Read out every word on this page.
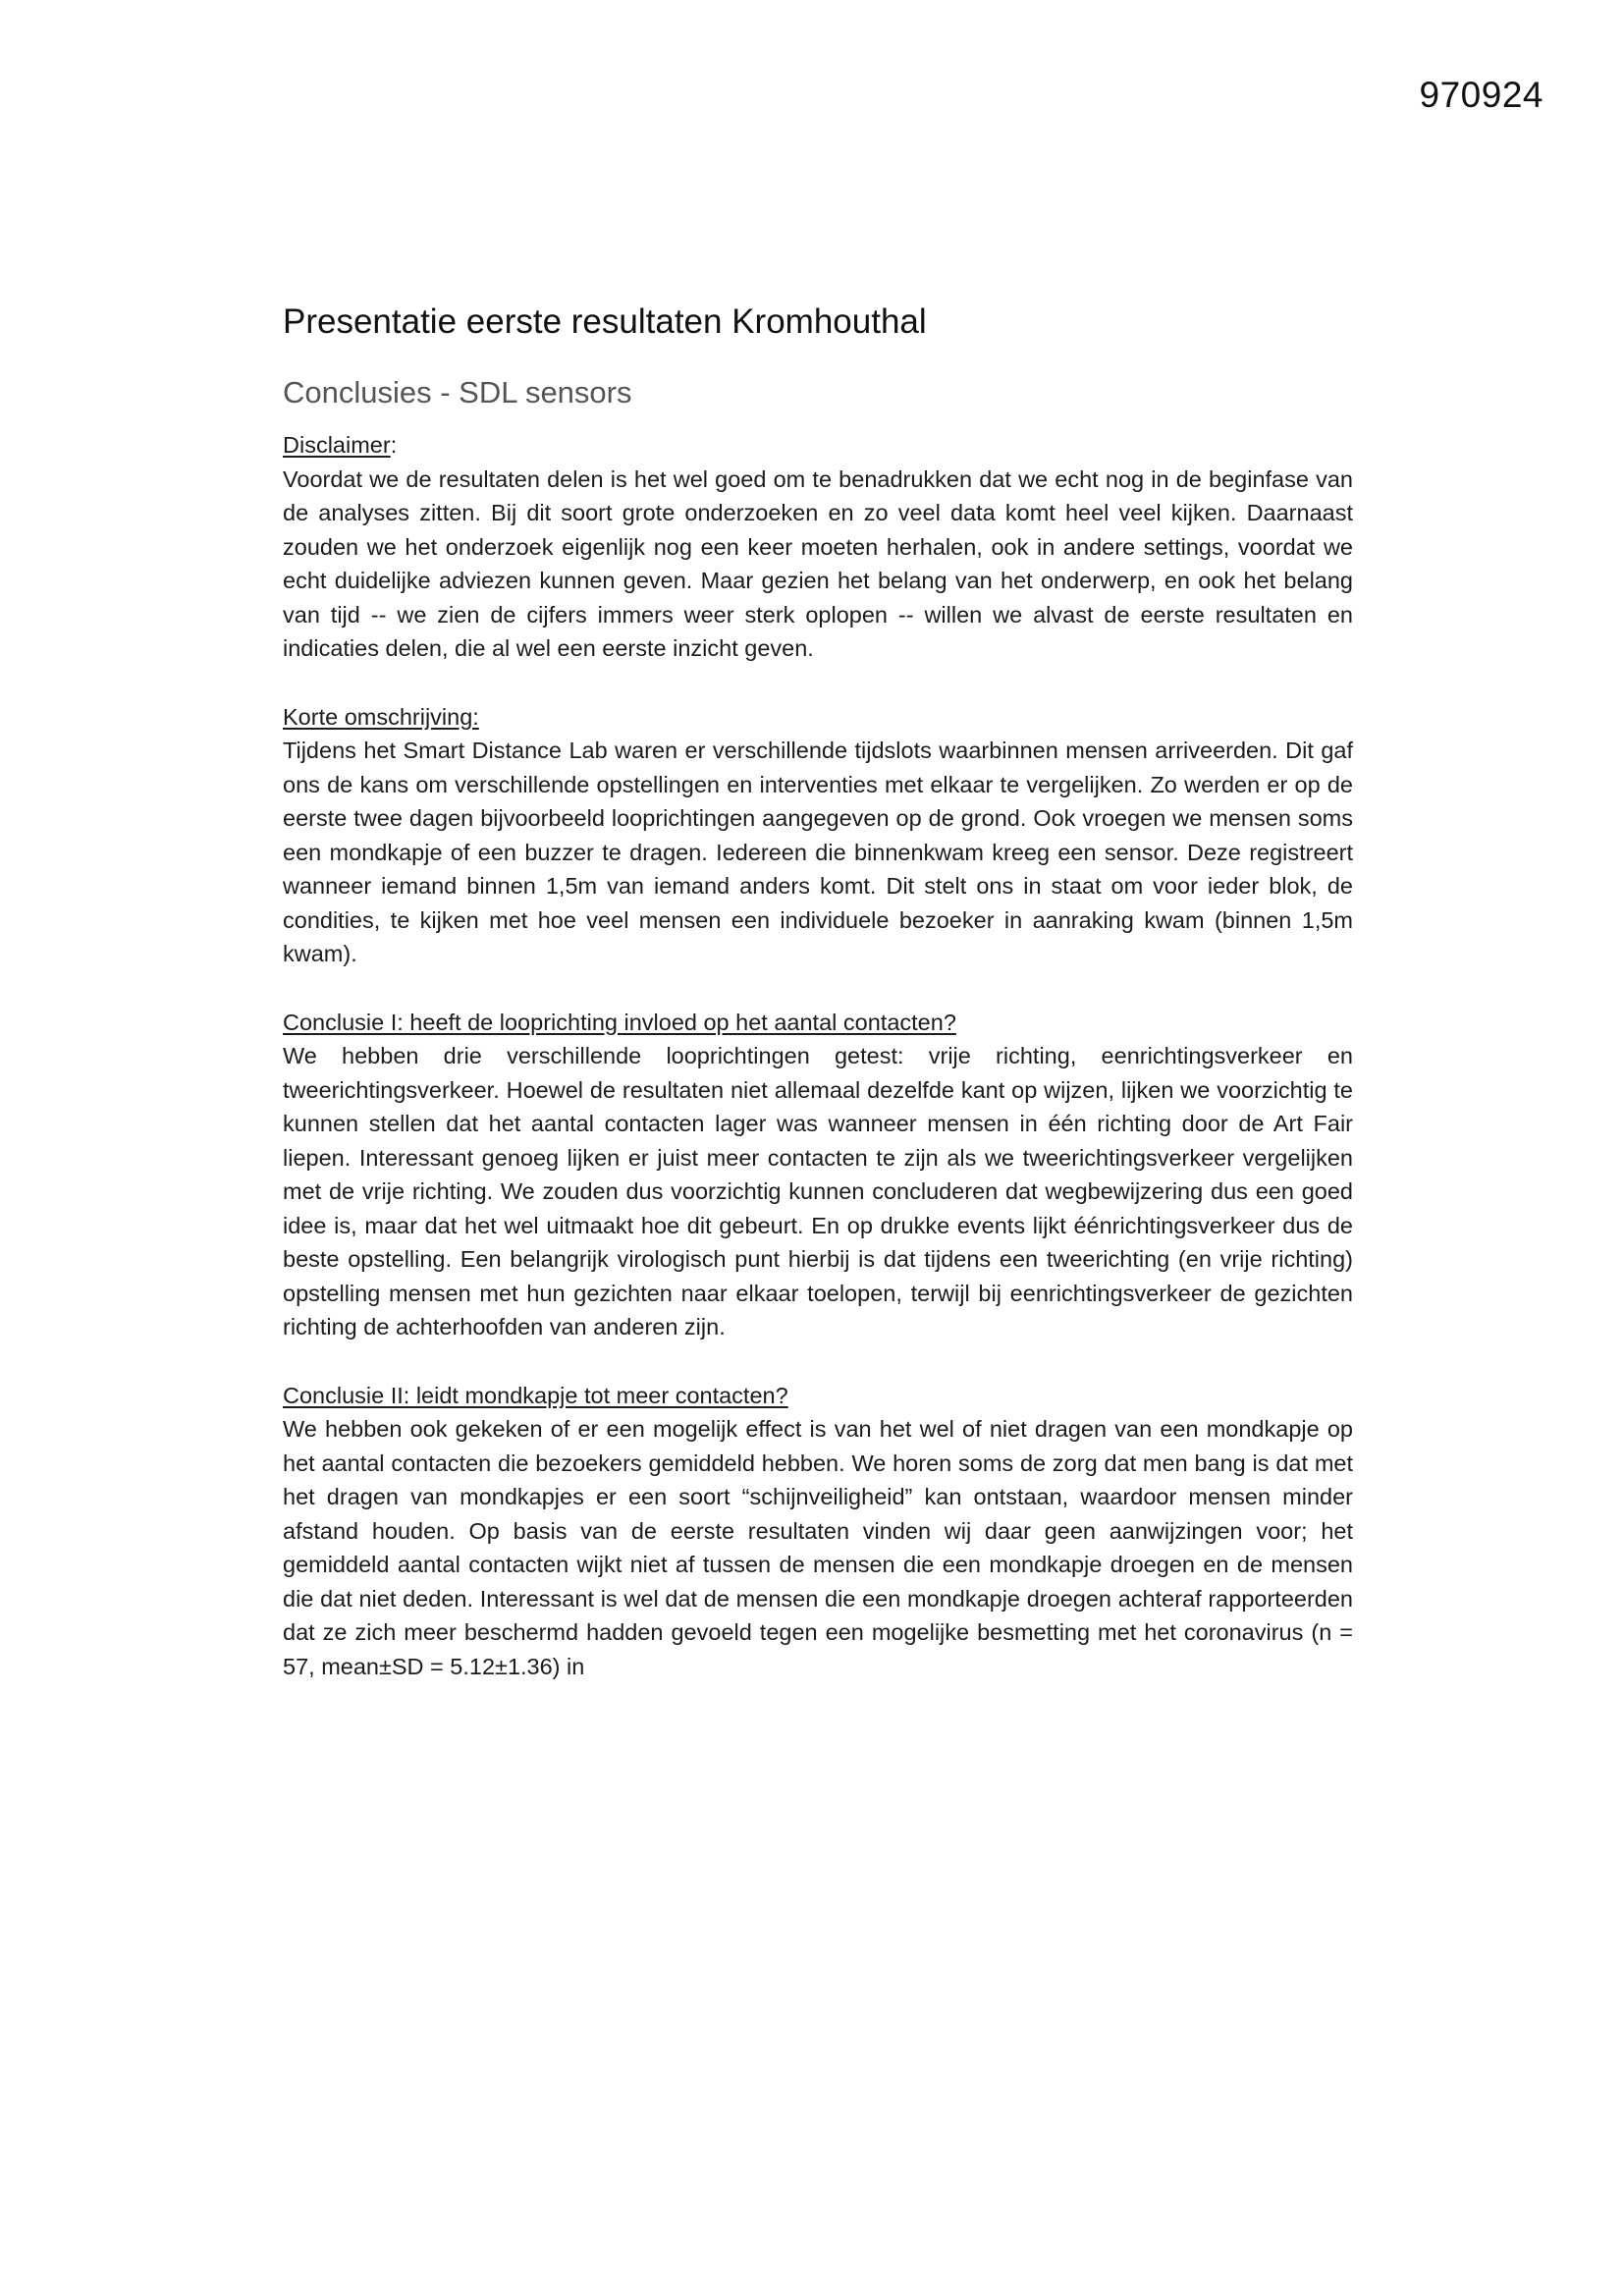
970924
Presentatie eerste resultaten Kromhouthal
Conclusies - SDL sensors

Disclaimer:

Voordat we de resultaten delen is het wel goed om te benadrukken dat we echt nog in de beginfase van de analyses zitten. Bij dit soort grote onderzoeken en zo veel data komt heel veel kijken. Daarnaast zouden we het onderzoek eigenlijk nog een keer moeten herhalen, ook in andere settings, voordat we echt duidelijke adviezen kunnen geven. Maar gezien het belang van het onderwerp, en ook het belang van tijd -- we zien de cijfers immers weer sterk oplopen -- willen we alvast de eerste resultaten en indicaties delen, die al wel een eerste inzicht geven.

Korte omschrijving:

Tijdens het Smart Distance Lab waren er verschillende tijdslots waarbinnen mensen arriveerden. Dit gaf ons de kans om verschillende opstellingen en interventies met elkaar te vergelijken. Zo werden er op de eerste twee dagen bijvoorbeeld looprichtingen aangegeven op de grond. Ook vroegen we mensen soms een mondkapje of een buzzer te dragen. Iedereen die binnenkwam kreeg een sensor. Deze registreert wanneer iemand binnen 1,5m van iemand anders komt. Dit stelt ons in staat om voor ieder blok, de condities, te kijken met hoe veel mensen een individuele bezoeker in aanraking kwam (binnen 1,5m kwam).

Conclusie I: heeft de looprichting invloed op het aantal contacten?

We hebben drie verschillende looprichtingen getest: vrije richting, eenrichtingsverkeer en tweerichtingsverkeer. Hoewel de resultaten niet allemaal dezelfde kant op wijzen, lijken we voorzichtig te kunnen stellen dat het aantal contacten lager was wanneer mensen in één richting door de Art Fair liepen. Interessant genoeg lijken er juist meer contacten te zijn als we tweerichtingsverkeer vergelijken met de vrije richting. We zouden dus voorzichtig kunnen concluderen dat wegbewijzering dus een goed idee is, maar dat het wel uitmaakt hoe dit gebeurt. En op drukke events lijkt éénrichtingsverkeer dus de beste opstelling. Een belangrijk virologisch punt hierbij is dat tijdens een tweerichting (en vrije richting) opstelling mensen met hun gezichten naar elkaar toelopen, terwijl bij eenrichtingsverkeer de gezichten richting de achterhoofden van anderen zijn.

Conclusie II: leidt mondkapje tot meer contacten?

We hebben ook gekeken of er een mogelijk effect is van het wel of niet dragen van een mondkapje op het aantal contacten die bezoekers gemiddeld hebben. We horen soms de zorg dat men bang is dat met het dragen van mondkapjes er een soort “schijnveiligheid” kan ontstaan, waardoor mensen minder afstand houden. Op basis van de eerste resultaten vinden wij daar geen aanwijzingen voor; het gemiddeld aantal contacten wijkt niet af tussen de mensen die een mondkapje droegen en de mensen die dat niet deden. Interessant is wel dat de mensen die een mondkapje droegen achteraf rapporteerden dat ze zich meer beschermd hadden gevoeld tegen een mogelijke besmetting met het coronavirus (n = 57, mean±SD = 5.12±1.36) in
